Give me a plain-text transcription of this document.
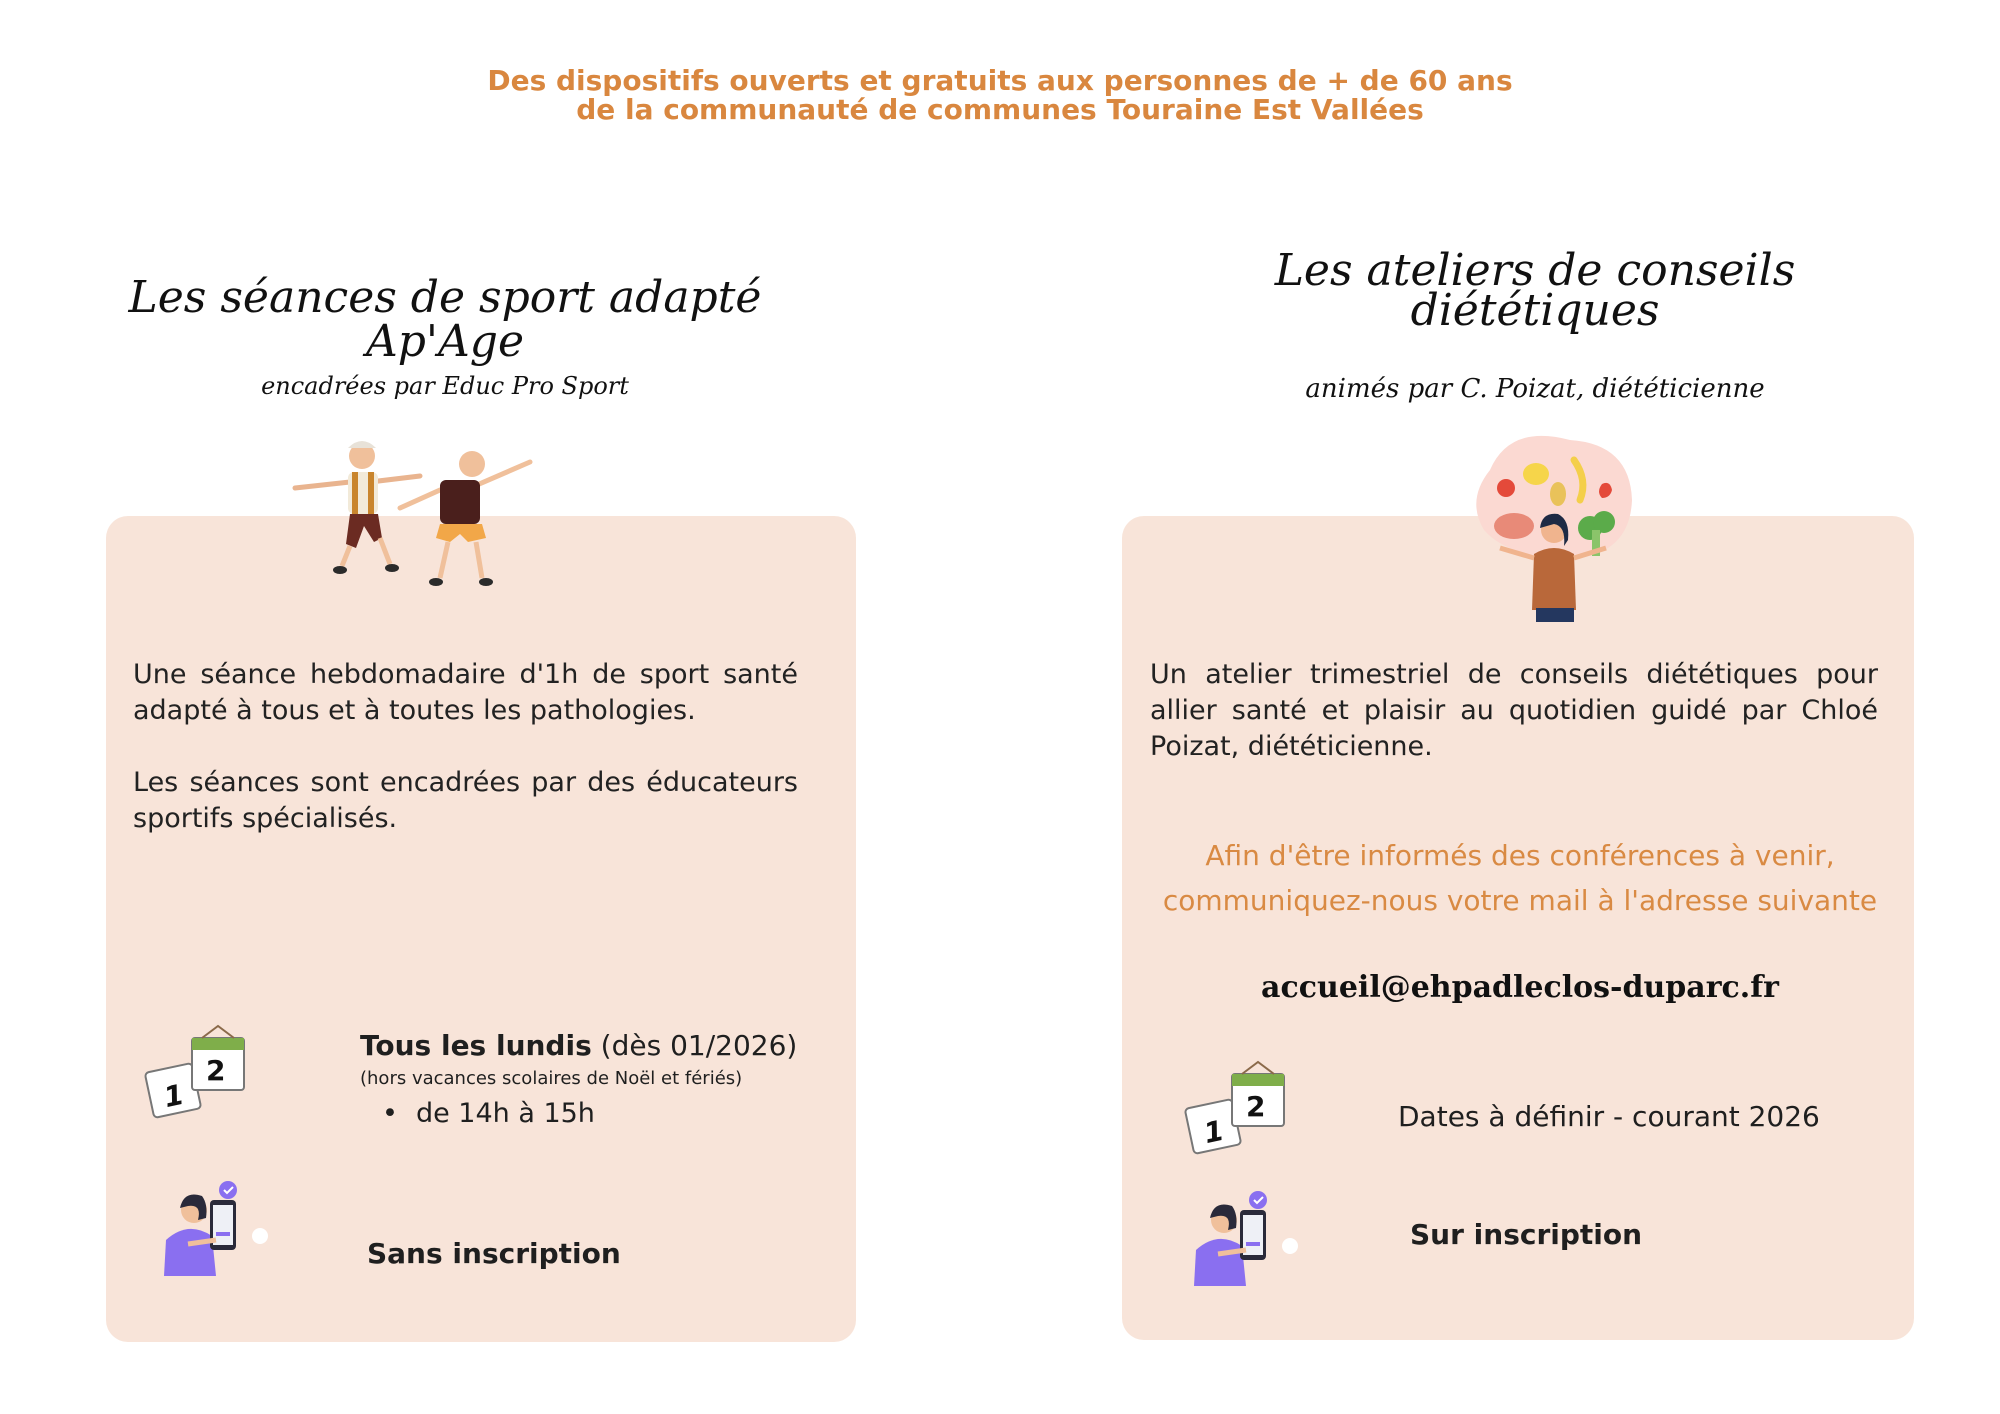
Des dispositifs ouverts et gratuits aux personnes de + de 60 ans
de la communauté de communes Touraine Est Vallées
Les séances de sport adapté
Ap'Age
encadrées par Educ Pro Sport
Une séance hebdomadaire d'1h de sport santé adapté à tous et à toutes les pathologies.
Les séances sont encadrées par des éducateurs sportifs spécialisés.
1
2
Tous les lundis (dès 01/2026)
(hors vacances scolaires de Noël et fériés)
• de 14h à 15h
Sans inscription
Les ateliers de conseils
diététiques
animés par C. Poizat, diététicienne
Un atelier trimestriel de conseils diététiques pour allier santé et plaisir au quotidien guidé par Chloé Poizat, diététicienne.
Afin d'être informés des conférences à venir,
communiquez-nous votre mail à l'adresse suivante
accueil@ehpadleclos-duparc.fr
1
2	Dates à définir - courant 2026
Sur inscription
